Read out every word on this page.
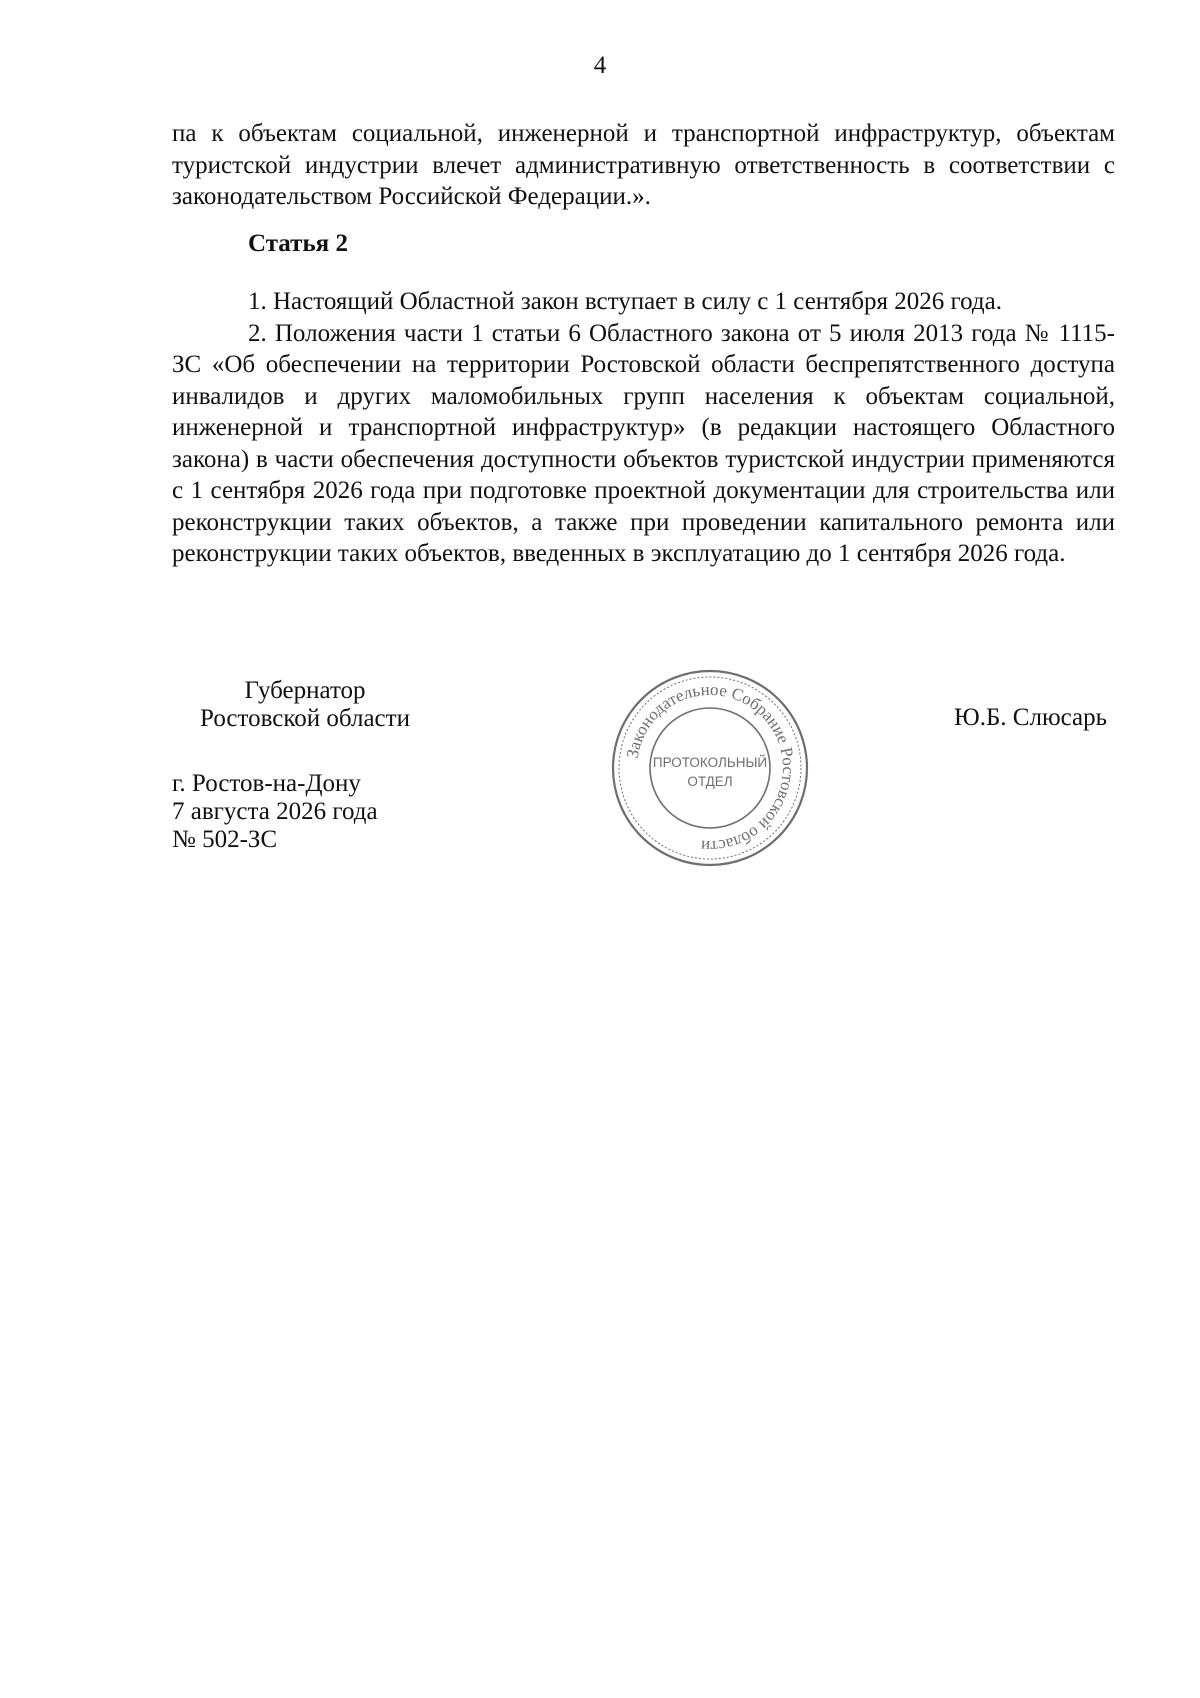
4

па к объектам социальной, инженерной и транспортной инфраструктур, объектам туристской индустрии влечет административную ответственность в соответствии с законодательством Российской Федерации.».

Статья 2

1. Настоящий Областной закон вступает в силу с 1 сентября 2026 года.

2. Положения части 1 статьи 6 Областного закона от 5 июля 2013 года № 1115-ЗС «Об обеспечении на территории Ростовской области беспрепятственного доступа инвалидов и других маломобильных групп населения к объектам социальной, инженерной и транспортной инфраструктур» (в редакции настоящего Областного закона) в части обеспечения доступности объектов туристской индустрии применяются с 1 сентября 2026 года при подготовке проектной документации для строительства или реконструкции таких объектов, а также при проведении капитального ремонта или реконструкции таких объектов, введенных в эксплуатацию до 1 сентября 2026 года.

Губернатор
Ростовской области
г. Ростов-на-Дону
7 августа 2026 года
№ 502-ЗС
Ю.Б. Слюсарь
Законодательное Собрание Ростовской области
ПРОТОКОЛЬНЫЙ
ОТДЕЛ
